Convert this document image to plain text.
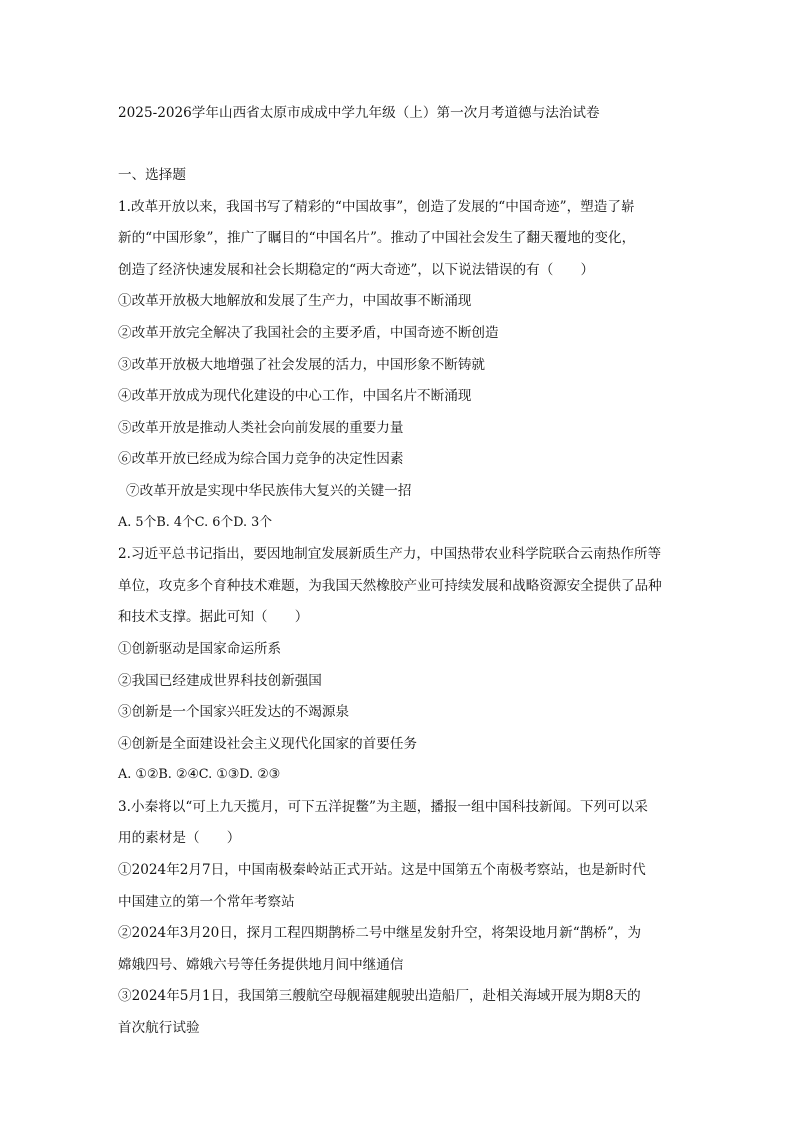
2025-2026学年山西省太原市成成中学九年级（上）第一次月考道德与法治试卷
一、选择题
1.改革开放以来，我国书写了精彩的“中国故事”，创造了发展的“中国奇迹”，塑造了崭
新的“中国形象”，推广了瞩目的“中国名片”。推动了中国社会发生了翻天覆地的变化，
创造了经济快速发展和社会长期稳定的“两大奇迹”，以下说法错误的有（　　）
①改革开放极大地解放和发展了生产力，中国故事不断涌现
②改革开放完全解决了我国社会的主要矛盾，中国奇迹不断创造
③改革开放极大地增强了社会发展的活力，中国形象不断铸就
④改革开放成为现代化建设的中心工作，中国名片不断涌现
⑤改革开放是推动人类社会向前发展的重要力量
⑥改革开放已经成为综合国力竞争的决定性因素
⑦改革开放是实现中华民族伟大复兴的关键一招
A. 5个B. 4个C. 6个D. 3个
2.习近平总书记指出，要因地制宜发展新质生产力，中国热带农业科学院联合云南热作所等
单位，攻克多个育种技术难题，为我国天然橡胶产业可持续发展和战略资源安全提供了品种
和技术支撑。据此可知（　　）
①创新驱动是国家命运所系
②我国已经建成世界科技创新强国
③创新是一个国家兴旺发达的不竭源泉
④创新是全面建设社会主义现代化国家的首要任务
A. ①②B. ②④C. ①③D. ②③
3.小秦将以“可上九天揽月，可下五洋捉鳖”为主题，播报一组中国科技新闻。下列可以采
用的素材是（　　）
①2024年2月7日，中国南极秦岭站正式开站。这是中国第五个南极考察站，也是新时代
中国建立的第一个常年考察站
②2024年3月20日，探月工程四期鹊桥二号中继星发射升空，将架设地月新“鹊桥”，为
嫦娥四号、嫦娥六号等任务提供地月间中继通信
③2024年5月1日，我国第三艘航空母舰福建舰驶出造船厂，赴相关海域开展为期8天的
首次航行试验
